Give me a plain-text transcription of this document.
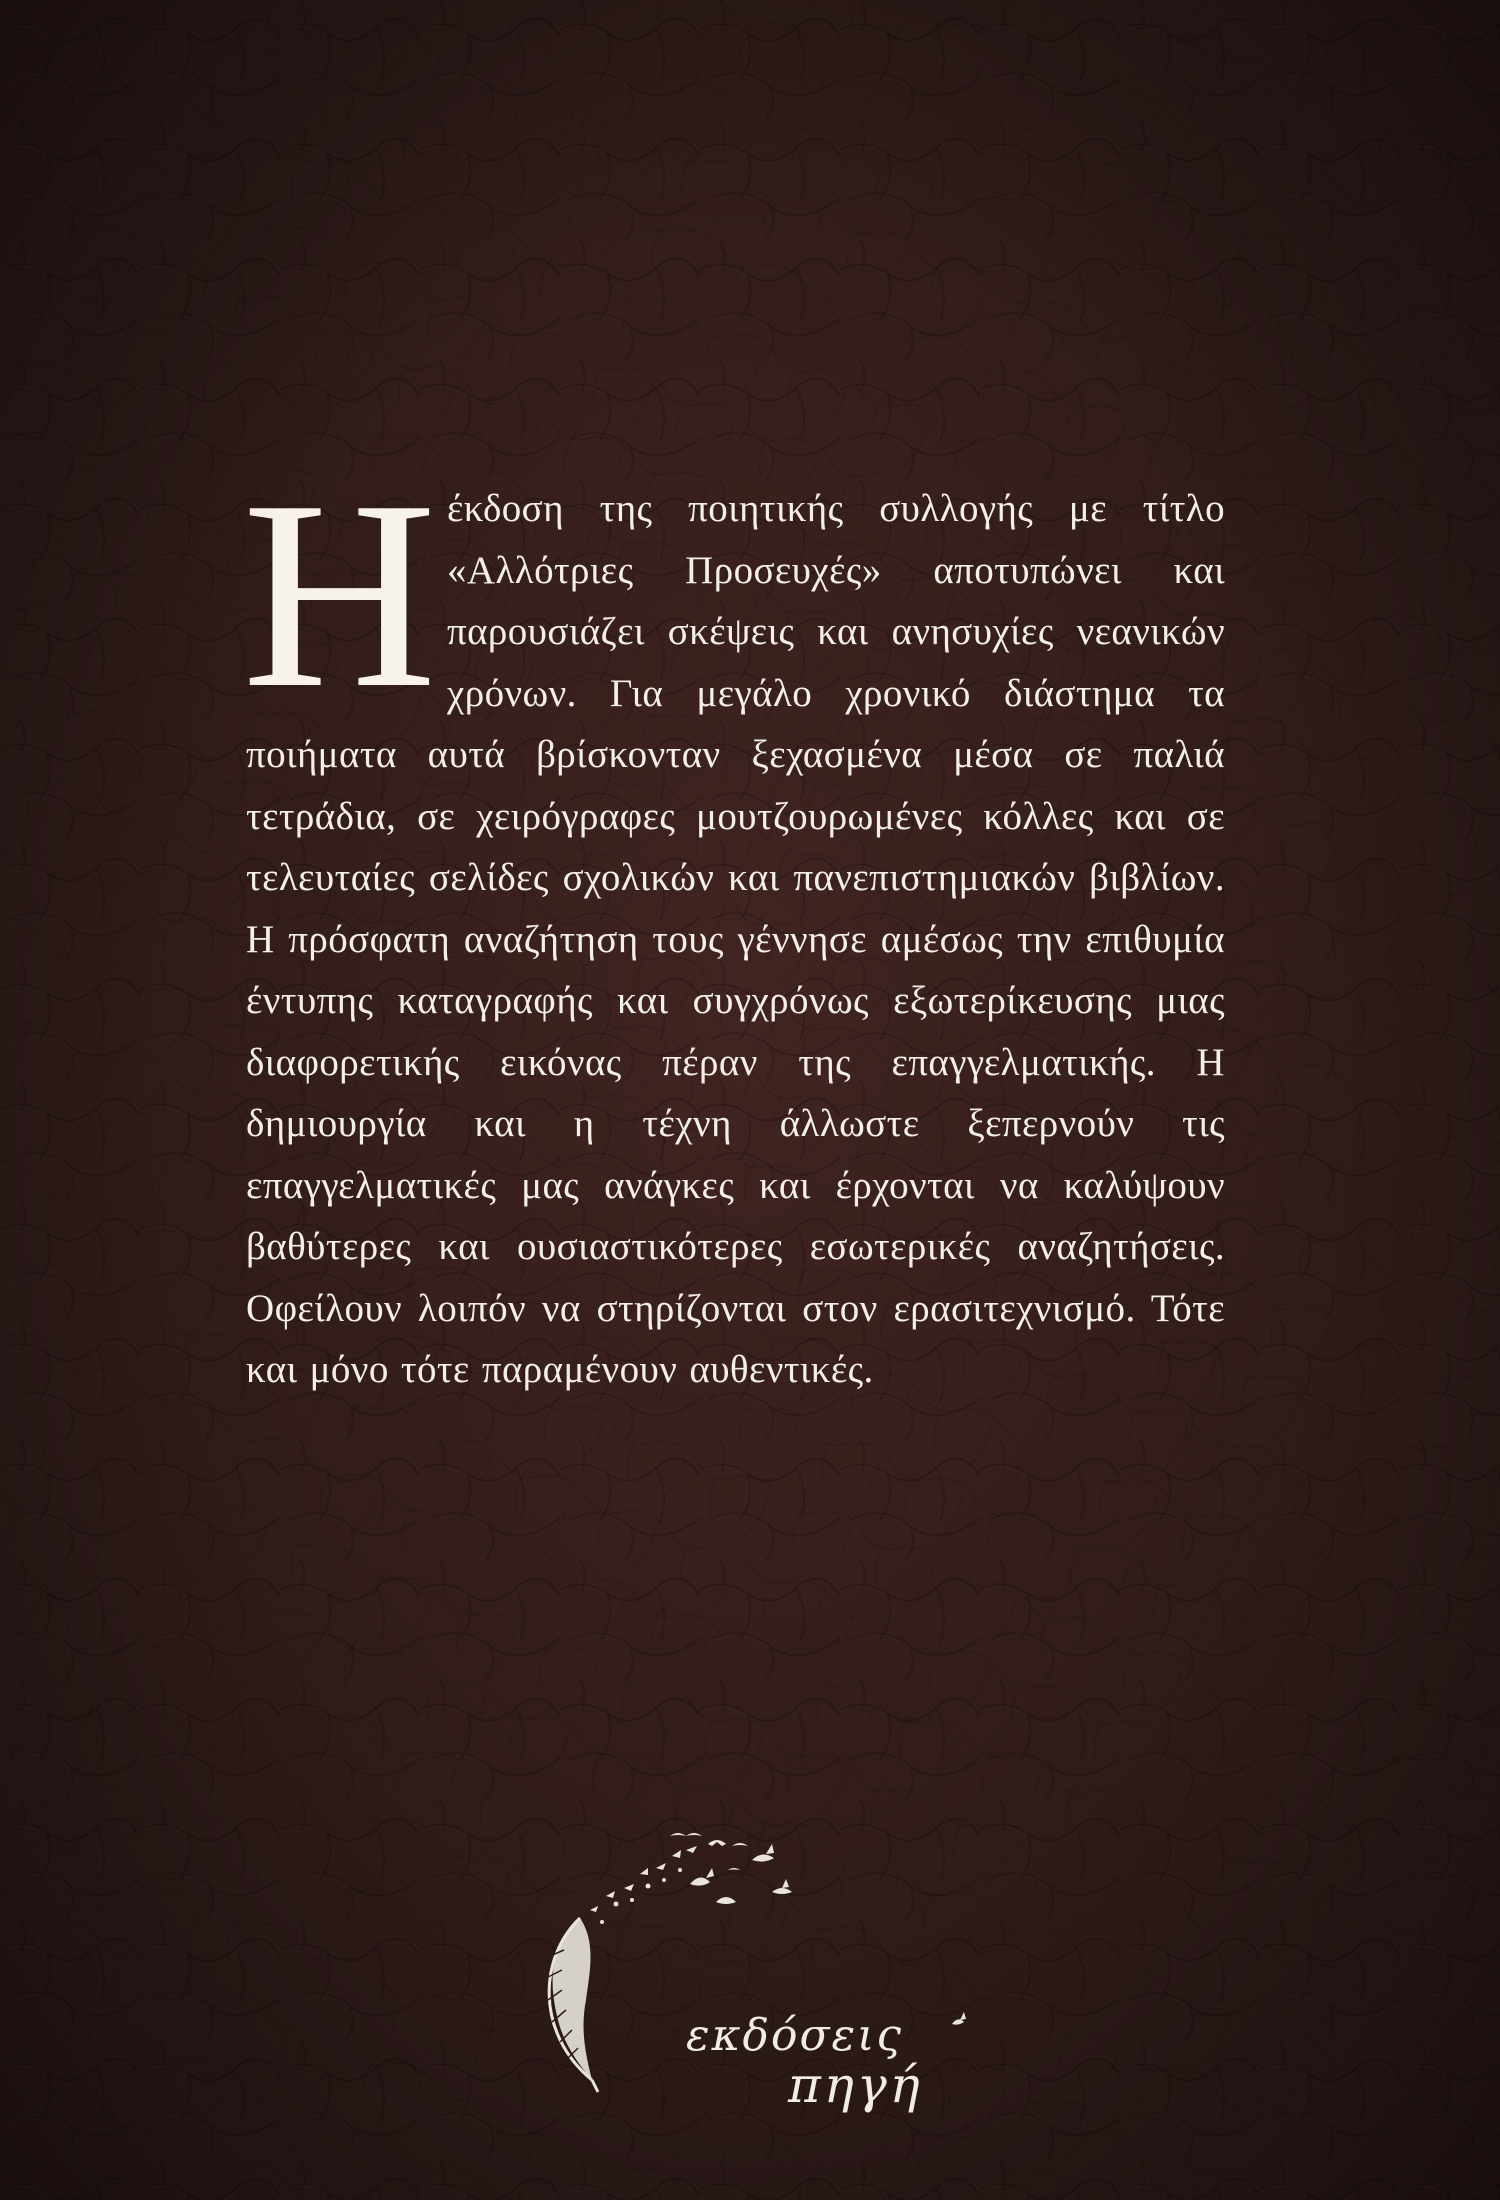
Ηέκδοση της ποιητικής συλλογής με τίτλο «Αλλότριες Προσευχές» αποτυπώνει και παρουσιάζει σκέψεις και ανησυχίες νεανικών χρόνων. Για μεγάλο χρονικό διάστημα τα ποιήματα αυτά βρίσκονταν ξεχασμένα μέσα σε παλιά τετράδια, σε χειρόγραφες μουτζουρωμένες κόλλες και σε τελευταίες σελίδες σχολικών και πανεπιστημιακών βιβλίων. Η πρόσφατη αναζήτηση τους γέννησε αμέσως την επιθυμία έντυπης καταγραφής και συγχρόνως εξωτερίκευσης μιας διαφορετικής εικόνας πέραν της επαγγελματικής. Η δημιουργία και η τέχνη άλλωστε ξεπερνούν τις επαγγελματικές μας ανάγκες και έρχονται να καλύψουν βαθύτερες και ουσιαστικότερες εσωτερικές αναζητήσεις. Οφείλουν λοιπόν να στηρίζονται στον ερασιτεχνισμό. Τότε και μόνο τότε παραμένουν αυθεντικές.
εκδόσεις
πηγή
